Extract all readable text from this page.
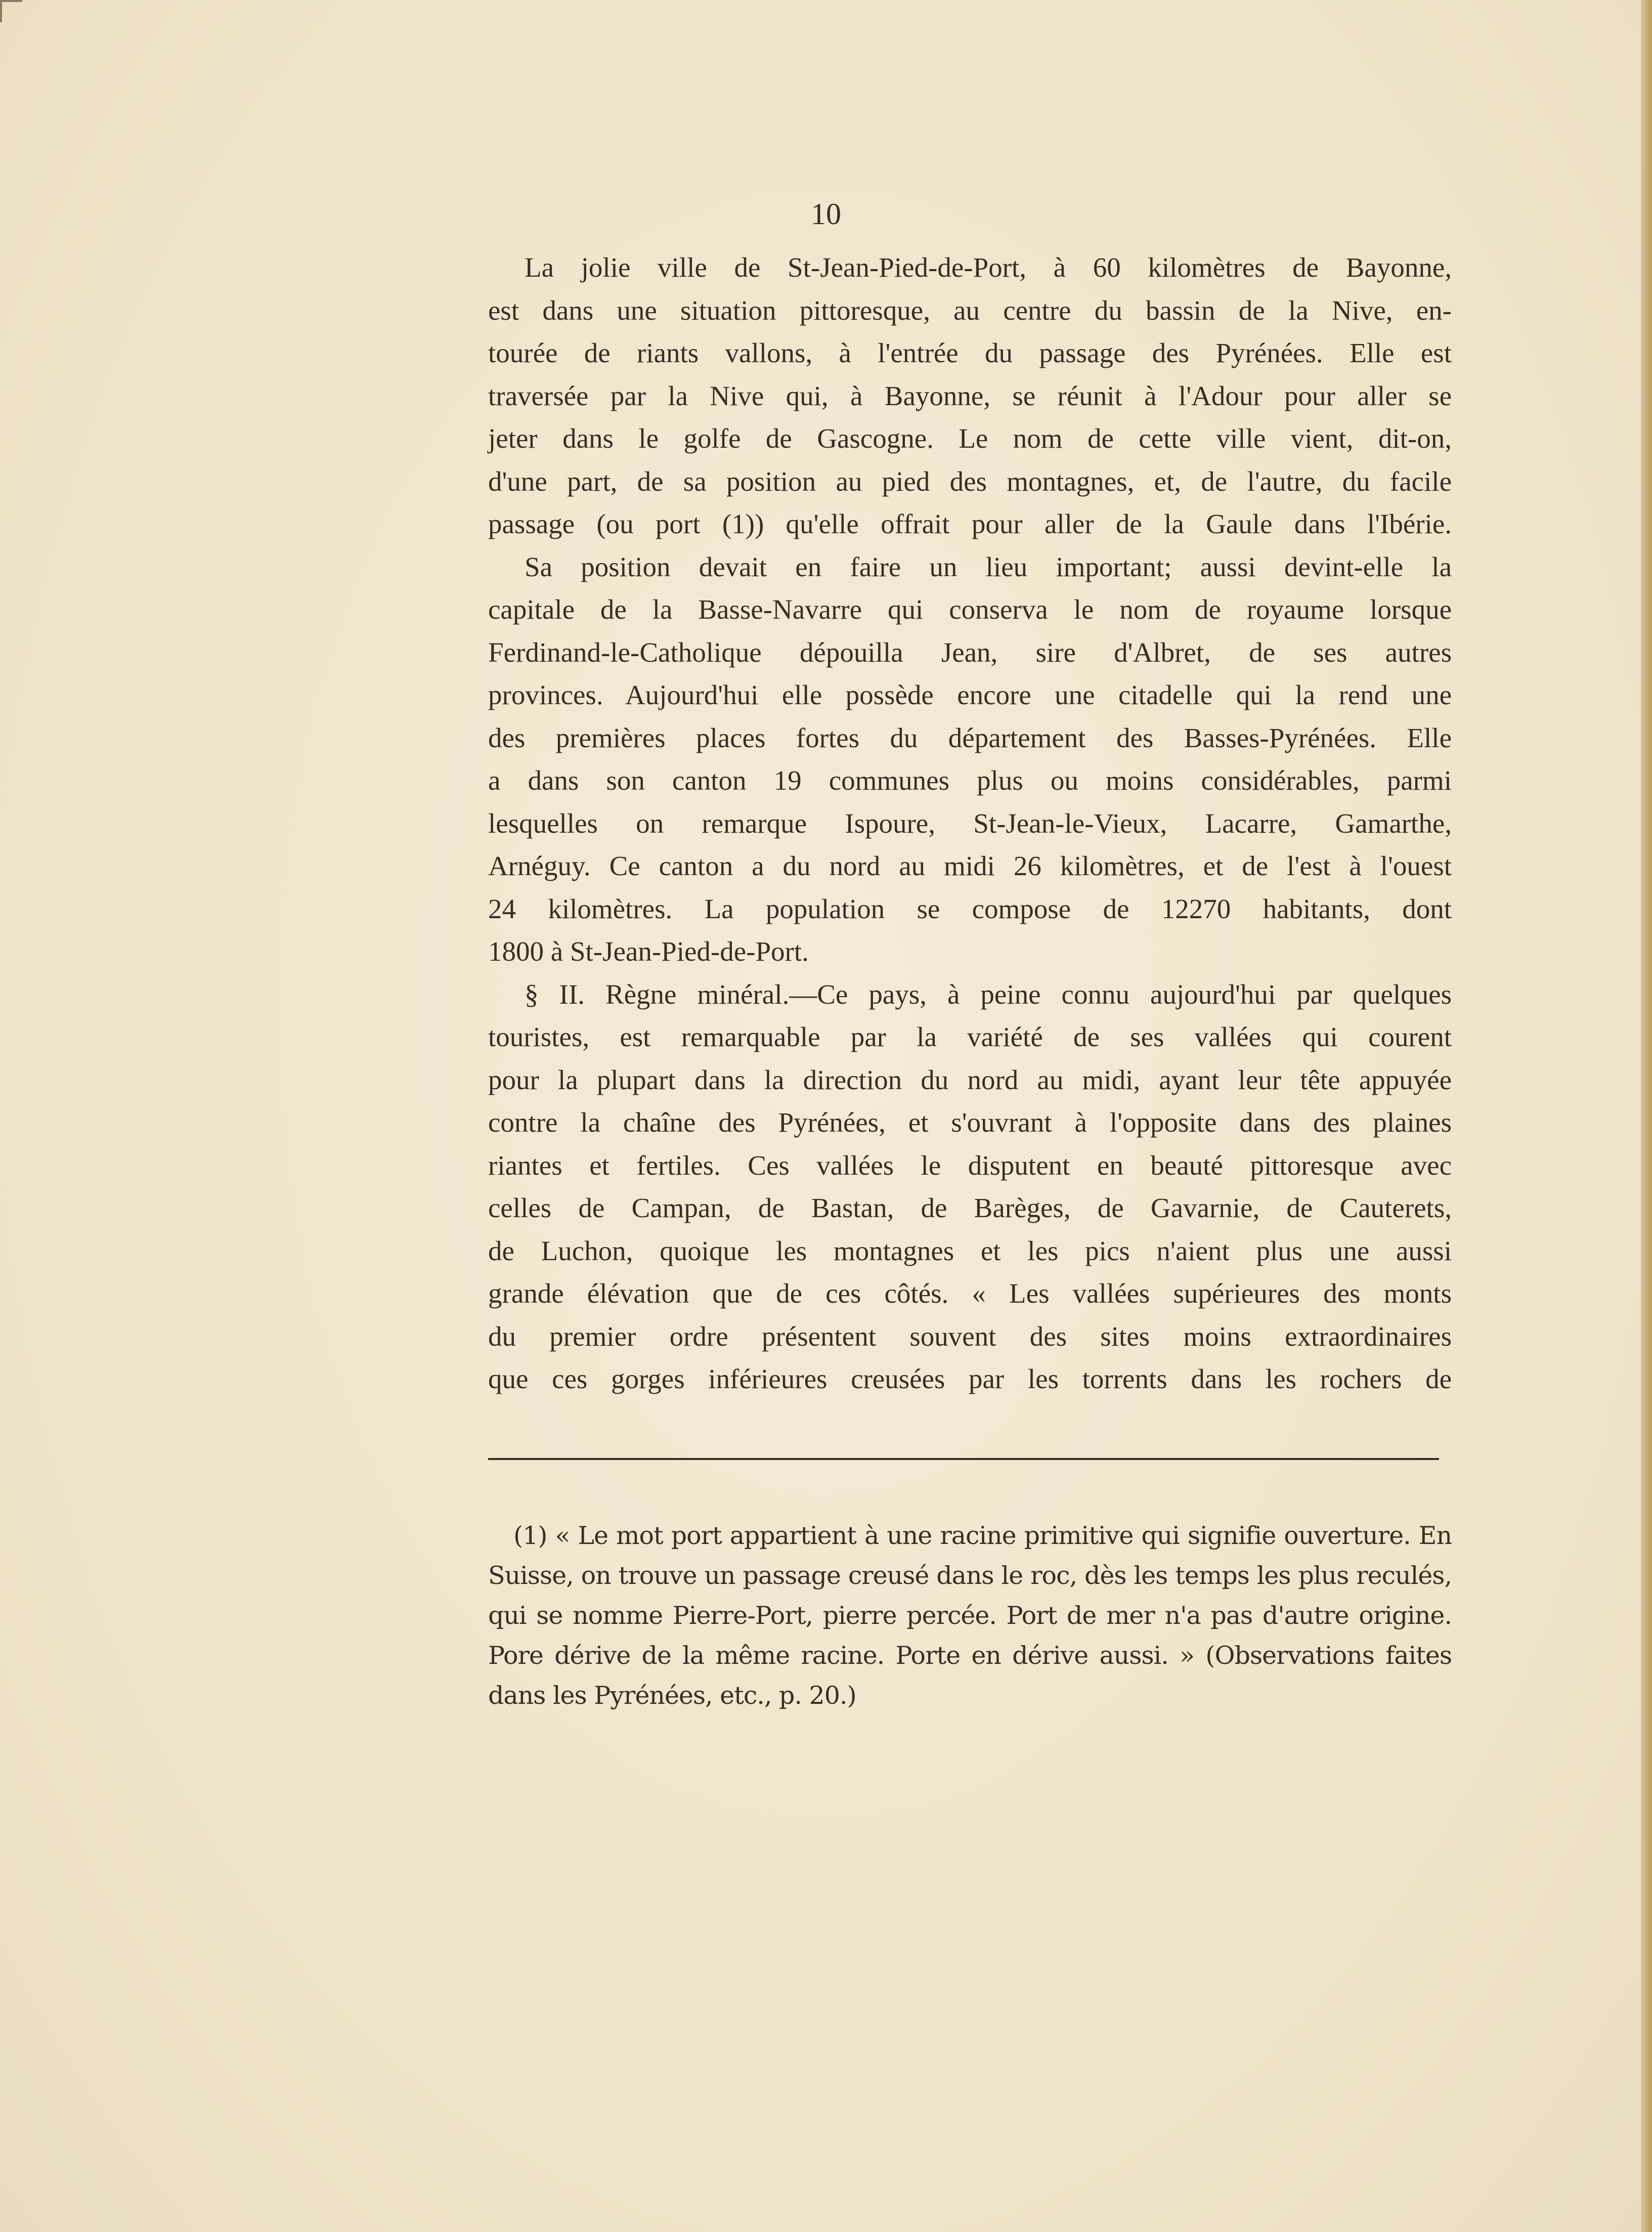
10
La jolie ville de St-Jean-Pied-de-Port, à 60 kilomètres de Bayonne,
est dans une situation pittoresque, au centre du bassin de la Nive, en-
tourée de riants vallons, à l'entrée du passage des Pyrénées. Elle est
traversée par la Nive qui, à Bayonne, se réunit à l'Adour pour aller se
jeter dans le golfe de Gascogne. Le nom de cette ville vient, dit-on,
d'une part, de sa position au pied des montagnes, et, de l'autre, du facile
passage (ou port (1)) qu'elle offrait pour aller de la Gaule dans l'Ibérie.
Sa position devait en faire un lieu important; aussi devint-elle la
capitale de la Basse-Navarre qui conserva le nom de royaume lorsque
Ferdinand-le-Catholique dépouilla Jean, sire d'Albret, de ses autres
provinces. Aujourd'hui elle possède encore une citadelle qui la rend une
des premières places fortes du département des Basses-Pyrénées. Elle
a dans son canton 19 communes plus ou moins considérables, parmi
lesquelles on remarque Ispoure, St-Jean-le-Vieux, Lacarre, Gamarthe,
Arnéguy. Ce canton a du nord au midi 26 kilomètres, et de l'est à l'ouest
24 kilomètres. La population se compose de 12270 habitants, dont
1800 à St-Jean-Pied-de-Port.
§ II. Règne minéral.—Ce pays, à peine connu aujourd'hui par quelques
touristes, est remarquable par la variété de ses vallées qui courent
pour la plupart dans la direction du nord au midi, ayant leur tête appuyée
contre la chaîne des Pyrénées, et s'ouvrant à l'opposite dans des plaines
riantes et fertiles. Ces vallées le disputent en beauté pittoresque avec
celles de Campan, de Bastan, de Barèges, de Gavarnie, de Cauterets,
de Luchon, quoique les montagnes et les pics n'aient plus une aussi
grande élévation que de ces côtés. « Les vallées supérieures des monts
du premier ordre présentent souvent des sites moins extraordinaires
que ces gorges inférieures creusées par les torrents dans les rochers de
(1) « Le mot port appartient à une racine primitive qui signifie ouverture. En
Suisse, on trouve un passage creusé dans le roc, dès les temps les plus reculés,
qui se nomme Pierre-Port, pierre percée. Port de mer n'a pas d'autre origine.
Pore dérive de la même racine. Porte en dérive aussi. » (Observations faites
dans les Pyrénées, etc., p. 20.)
